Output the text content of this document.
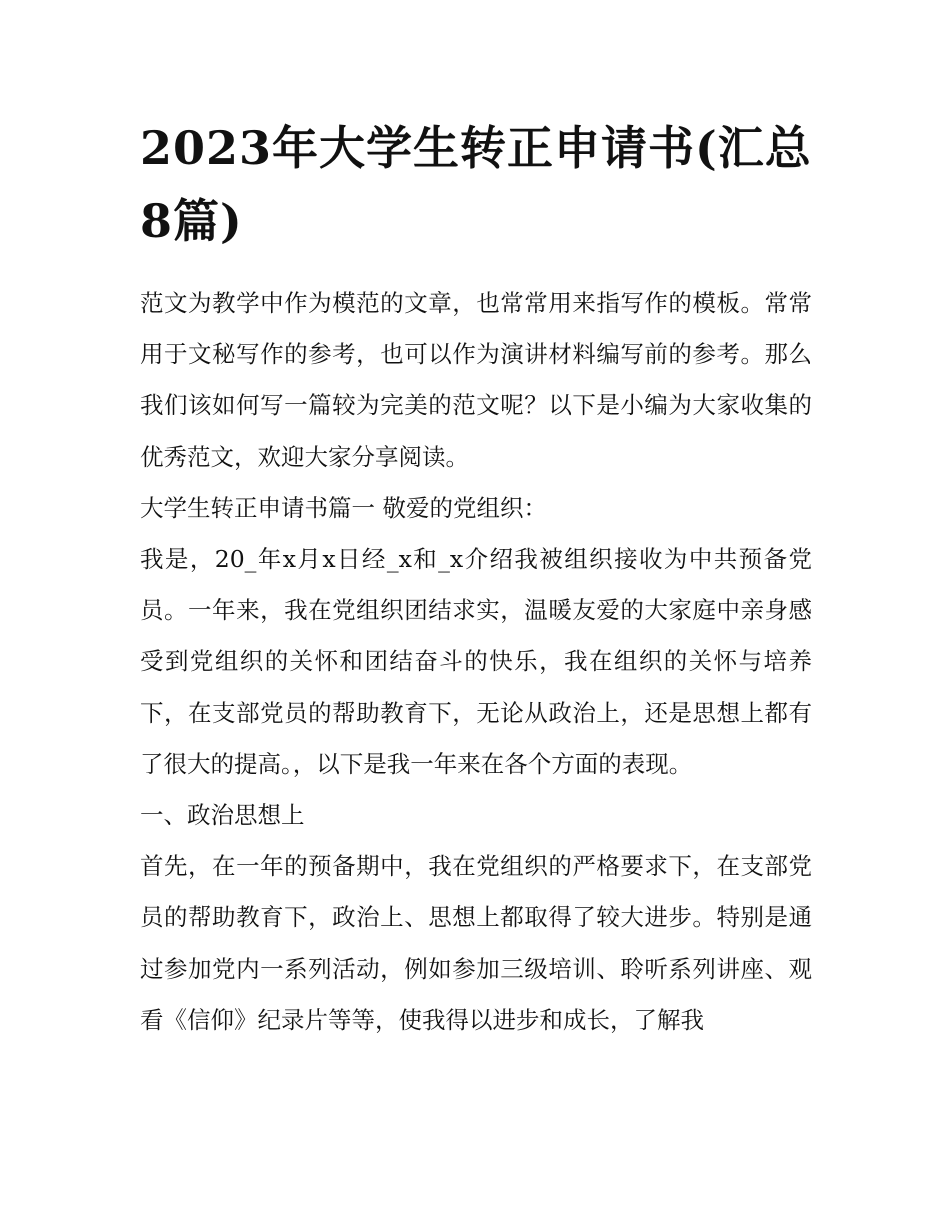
2023年大学生转正申请书(汇总8篇)

范文为教学中作为模范的文章，也常常用来指写作的模板。常常用于文秘写作的参考，也可以作为演讲材料编写前的参考。那么我们该如何写一篇较为完美的范文呢？以下是小编为大家收集的优秀范文，欢迎大家分享阅读。

大学生转正申请书篇一 敬爱的党组织：

我是，20_年x月x日经_x和_x介绍我被组织接收为中共预备党员。一年来，我在党组织团结求实，温暖友爱的大家庭中亲身感受到党组织的关怀和团结奋斗的快乐，我在组织的关怀与培养下，在支部党员的帮助教育下，无论从政治上，还是思想上都有了很大的提高。，以下是我一年来在各个方面的表现。

一、政治思想上

首先，在一年的预备期中，我在党组织的严格要求下，在支部党员的帮助教育下，政治上、思想上都取得了较大进步。特别是通过参加党内一系列活动，例如参加三级培训、聆听系列讲座、观看《信仰》纪录片等等，使我得以进步和成长，了解我
